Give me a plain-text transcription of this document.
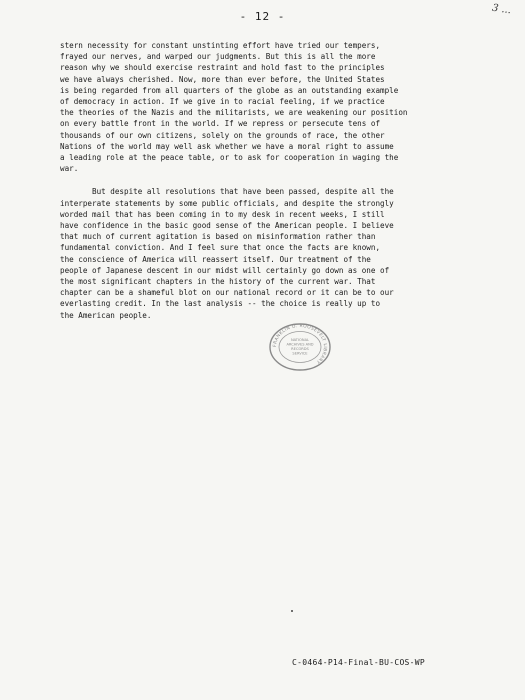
- 12 -
3 ...

stern necessity for constant unstinting effort have tried our tempers,
frayed our nerves, and warped our judgments. But this is all the more
reason why we should exercise restraint and hold fast to the principles
we have always cherished. Now, more than ever before, the United States
is being regarded from all quarters of the globe as an outstanding example
of democracy in action. If we give in to racial feeling, if we practice
the theories of the Nazis and the militarists, we are weakening our position
on every battle front in the world. If we repress or persecute tens of
thousands of our own citizens, solely on the grounds of race, the other
Nations of the world may well ask whether we have a moral right to assume
a leading role at the peace table, or to ask for cooperation in waging the
war.

But despite all resolutions that have been passed, despite all the
interperate statements by some public officials, and despite the strongly
worded mail that has been coming in to my desk in recent weeks, I still
have confidence in the basic good sense of the American people. I believe
that much of current agitation is based on misinformation rather than
fundamental conviction. And I feel sure that once the facts are known,
the conscience of America will reassert itself. Our treatment of the
people of Japanese descent in our midst will certainly go down as one of
the most significant chapters in the history of the current war. That
chapter can be a shameful blot on our national record or it can be to our
everlasting credit. In the last analysis -- the choice is really up to
the American people.

FRANKLIN D. ROOSEVELT LIBRARY
NATIONAL
ARCHIVES AND
RECORDS
SERVICE
C-0464-P14-Final-BU-COS-WP
